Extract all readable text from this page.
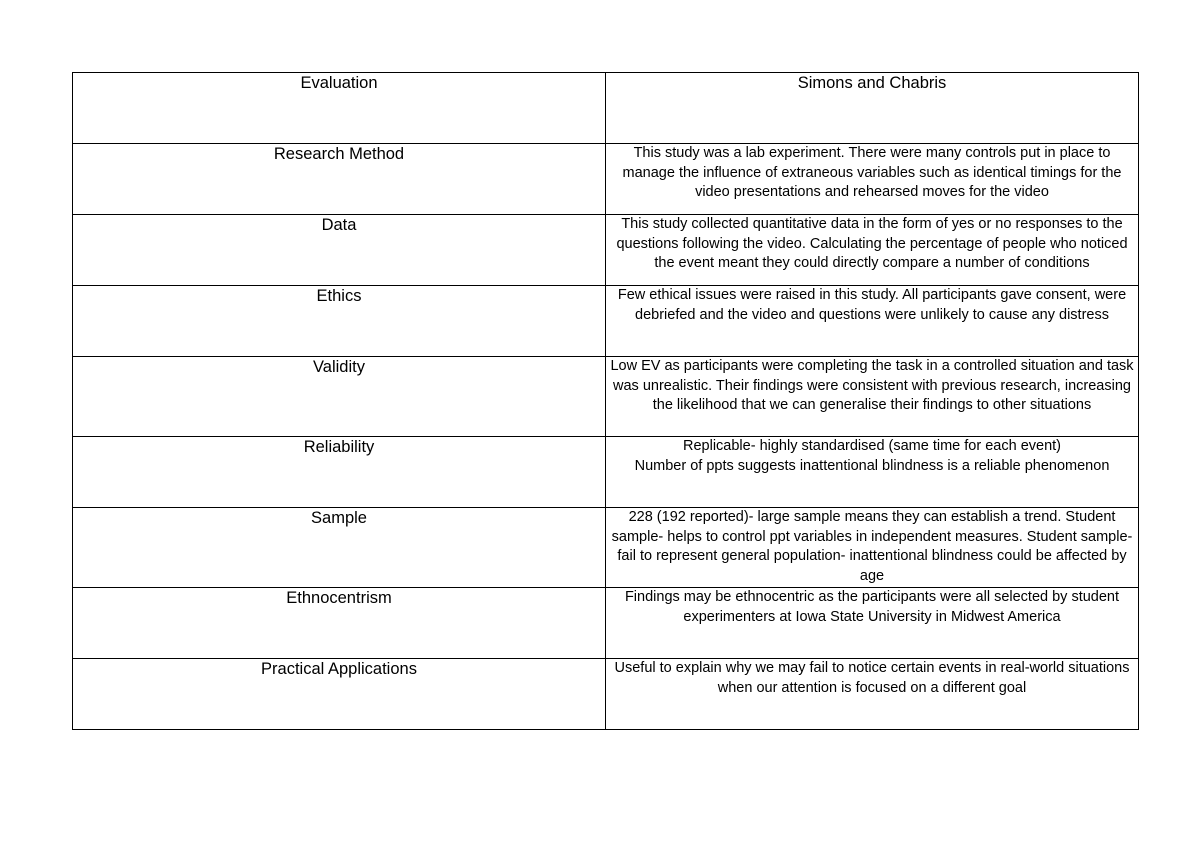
Evaluation	Simons and Chabris
Research Method	This study was a lab experiment. There were many controls put in place to manage the influence of extraneous variables such as identical timings for the video presentations and rehearsed moves for the video
Data	This study collected quantitative data in the form of yes or no responses to the questions following the video. Calculating the percentage of people who noticed the event meant they could directly compare a number of conditions
Ethics	Few ethical issues were raised in this study. All participants gave consent, were debriefed and the video and questions were unlikely to cause any distress
Validity	Low EV as participants were completing the task in a controlled situation and task was unrealistic. Their findings were consistent with previous research, increasing the likelihood that we can generalise their findings to other situations
Reliability	Replicable- highly standardised (same time for each event)
Number of ppts suggests inattentional blindness is a reliable phenomenon
Sample	228 (192 reported)- large sample means they can establish a trend. Student sample- helps to control ppt variables in independent measures. Student sample- fail to represent general population- inattentional blindness could be affected by age
Ethnocentrism	Findings may be ethnocentric as the participants were all selected by student experimenters at Iowa State University in Midwest America
Practical Applications	Useful to explain why we may fail to notice certain events in real-world situations when our attention is focused on a different goal
